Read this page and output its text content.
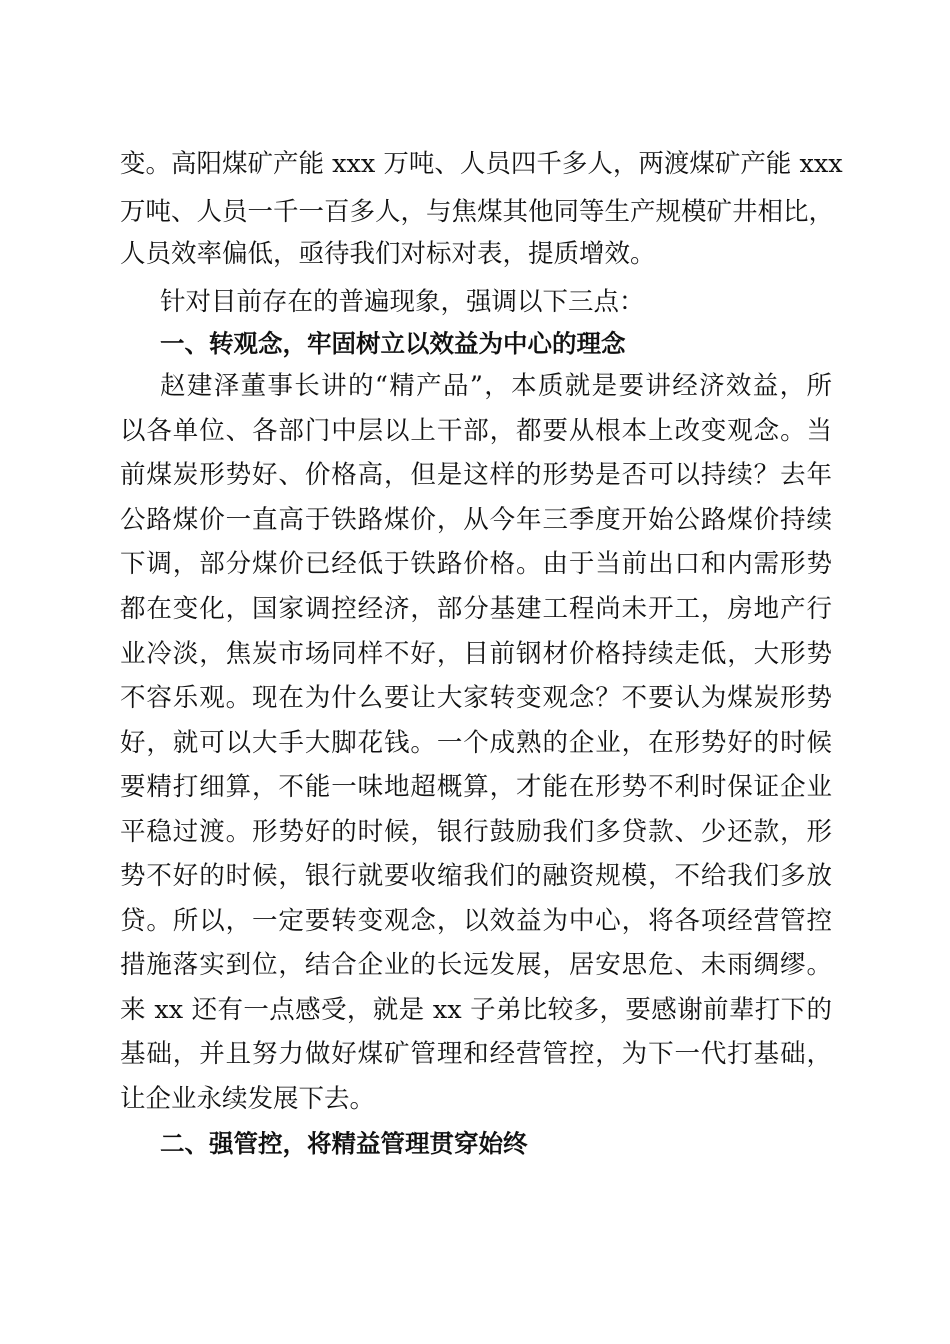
变。高阳煤矿产能 xxx 万吨、人员四千多人，两渡煤矿产能 xxx
万吨、人员一千一百多人，与焦煤其他同等生产规模矿井相比，
人员效率偏低，亟待我们对标对表，提质增效。
针对目前存在的普遍现象，强调以下三点：
一、转观念，牢固树立以效益为中心的理念
赵建泽董事长讲的“精产品”，本质就是要讲经济效益，所
以各单位、各部门中层以上干部，都要从根本上改变观念。当
前煤炭形势好、价格高，但是这样的形势是否可以持续？去年
公路煤价一直高于铁路煤价，从今年三季度开始公路煤价持续
下调，部分煤价已经低于铁路价格。由于当前出口和内需形势
都在变化，国家调控经济，部分基建工程尚未开工，房地产行
业冷淡，焦炭市场同样不好，目前钢材价格持续走低，大形势
不容乐观。现在为什么要让大家转变观念？不要认为煤炭形势
好，就可以大手大脚花钱。一个成熟的企业，在形势好的时候
要精打细算，不能一味地超概算，才能在形势不利时保证企业
平稳过渡。形势好的时候，银行鼓励我们多贷款、少还款，形
势不好的时候，银行就要收缩我们的融资规模，不给我们多放
贷。所以，一定要转变观念，以效益为中心，将各项经营管控
措施落实到位，结合企业的长远发展，居安思危、未雨绸缪。
来 xx 还有一点感受，就是 xx 子弟比较多，要感谢前辈打下的
基础，并且努力做好煤矿管理和经营管控，为下一代打基础，
让企业永续发展下去。
二、强管控，将精益管理贯穿始终
